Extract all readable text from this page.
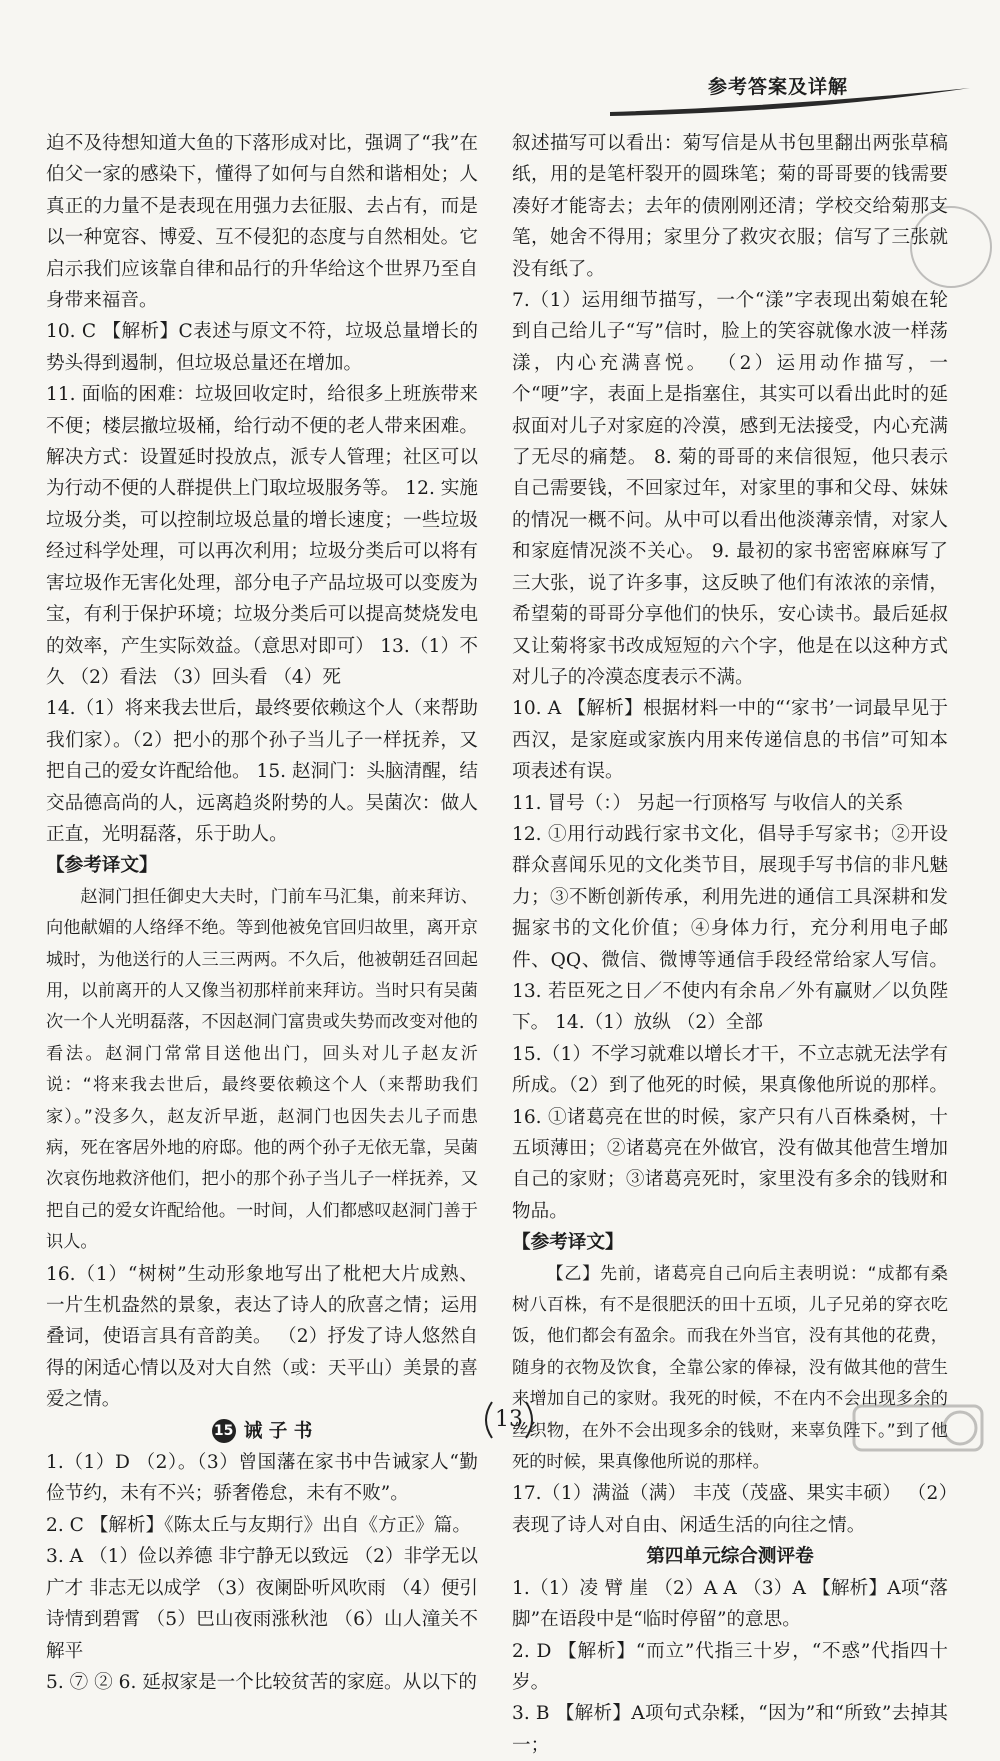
参考答案及详解

迫不及待想知道大鱼的下落形成对比，强调了“我”在伯父一家的感染下，懂得了如何与自然和谐相处；人真正的力量不是表现在用强力去征服、去占有，而是以一种宽容、博爱、互不侵犯的态度与自然相处。它启示我们应该靠自律和品行的升华给这个世界乃至自身带来福音。

10. C 【解析】C表述与原文不符，垃圾总量增长的势头得到遏制，但垃圾总量还在增加。

11. 面临的困难：垃圾回收定时，给很多上班族带来不便；楼层撤垃圾桶，给行动不便的老人带来困难。 解决方式：设置延时投放点，派专人管理；社区可以为行动不便的人群提供上门取垃圾服务等。 12. 实施垃圾分类，可以控制垃圾总量的增长速度；一些垃圾经过科学处理，可以再次利用；垃圾分类后可以将有害垃圾作无害化处理，部分电子产品垃圾可以变废为宝，有利于保护环境；垃圾分类后可以提高焚烧发电的效率，产生实际效益。（意思对即可） 13.（1）不久 （2）看法 （3）回头看 （4）死

14.（1）将来我去世后，最终要依赖这个人（来帮助我们家）。（2）把小的那个孙子当儿子一样抚养，又把自己的爱女许配给他。 15. 赵洞门：头脑清醒，结交品德高尚的人，远离趋炎附势的人。吴菌次：做人正直，光明磊落，乐于助人。

【参考译文】

赵洞门担任御史大夫时，门前车马汇集，前来拜访、向他献媚的人络绎不绝。等到他被免官回归故里，离开京城时，为他送行的人三三两两。不久后，他被朝廷召回起用，以前离开的人又像当初那样前来拜访。当时只有吴菌次一个人光明磊落，不因赵洞门富贵或失势而改变对他的看法。赵洞门常常目送他出门，回头对儿子赵友沂说：“将来我去世后，最终要依赖这个人（来帮助我们家）。”没多久，赵友沂早逝，赵洞门也因失去儿子而患病，死在客居外地的府邸。他的两个孙子无依无靠，吴菌次哀伤地救济他们，把小的那个孙子当儿子一样抚养，又把自己的爱女许配给他。一时间，人们都感叹赵洞门善于识人。

16.（1）“树树”生动形象地写出了枇杷大片成熟、一片生机盎然的景象，表达了诗人的欣喜之情；运用叠词，使语言具有音韵美。 （2）抒发了诗人悠然自得的闲适心情以及对大自然（或：天平山）美景的喜爱之情。

15 诫 子 书

1.（1）D （2）。（3）曾国藩在家书中告诫家人“勤俭节约，未有不兴；骄奢倦怠，未有不败”。

2. C 【解析】《陈太丘与友期行》出自《方正》篇。

3. A （1）俭以养德 非宁静无以致远 （2）非学无以广才 非志无以成学 （3）夜阑卧听风吹雨 （4）便引诗情到碧霄 （5）巴山夜雨涨秋池 （6）山人潼关不解平

5. ⑦ ② 6. 延叔家是一个比较贫苦的家庭。从以下的

叙述描写可以看出：菊写信是从书包里翻出两张草稿纸，用的是笔杆裂开的圆珠笔；菊的哥哥要的钱需要凑好才能寄去；去年的债刚刚还清；学校交给菊那支笔，她舍不得用；家里分了救灾衣服；信写了三张就没有纸了。

7.（1）运用细节描写，一个“漾”字表现出菊娘在轮到自己给儿子“写”信时，脸上的笑容就像水波一样荡漾，内心充满喜悦。 （2）运用动作描写，一个“哽”字，表面上是指塞住，其实可以看出此时的延叔面对儿子对家庭的冷漠，感到无法接受，内心充满了无尽的痛楚。 8. 菊的哥哥的来信很短，他只表示自己需要钱，不回家过年，对家里的事和父母、妹妹的情况一概不问。从中可以看出他淡薄亲情，对家人和家庭情况淡不关心。 9. 最初的家书密密麻麻写了三大张，说了许多事，这反映了他们有浓浓的亲情，希望菊的哥哥分享他们的快乐，安心读书。最后延叔又让菊将家书改成短短的六个字，他是在以这种方式对儿子的冷漠态度表示不满。

10. A 【解析】根据材料一中的“‘家书’一词最早见于西汉，是家庭或家族内用来传递信息的书信”可知本项表述有误。

11. 冒号（：） 另起一行顶格写 与收信人的关系

12. ①用行动践行家书文化，倡导手写家书；②开设群众喜闻乐见的文化类节目，展现手写书信的非凡魅力；③不断创新传承，利用先进的通信工具深耕和发掘家书的文化价值；④身体力行，充分利用电子邮件、QQ、微信、微博等通信手段经常给家人写信。 13. 若臣死之日／不使内有余帛／外有赢财／以负陛下。 14.（1）放纵 （2）全部

15.（1）不学习就难以增长才干，不立志就无法学有所成。（2）到了他死的时候，果真像他所说的那样。 16. ①诸葛亮在世的时候，家产只有八百株桑树，十五顷薄田；②诸葛亮在外做官，没有做其他营生增加自己的家财；③诸葛亮死时，家里没有多余的钱财和物品。

【参考译文】

【乙】先前，诸葛亮自己向后主表明说：“成都有桑树八百株，有不是很肥沃的田十五顷，儿子兄弟的穿衣吃饭，他们都会有盈余。而我在外当官，没有其他的花费，随身的衣物及饮食，全靠公家的俸禄，没有做其他的营生来增加自己的家财。我死的时候，不在内不会出现多余的丝织物，在外不会出现多余的钱财，来辜负陛下。”到了他死的时候，果真像他所说的那样。

17.（1）满溢（满） 丰茂（茂盛、果实丰硕） （2）表现了诗人对自由、闲适生活的向往之情。

第四单元综合测评卷

1.（1）凌 臂 崖 （2）A A （3）A 【解析】A项“落脚”在语段中是“临时停留”的意思。

2. D 【解析】“而立”代指三十岁，“不惑”代指四十岁。

3. B 【解析】A项句式杂糅，“因为”和“所致”去掉其一；

13
